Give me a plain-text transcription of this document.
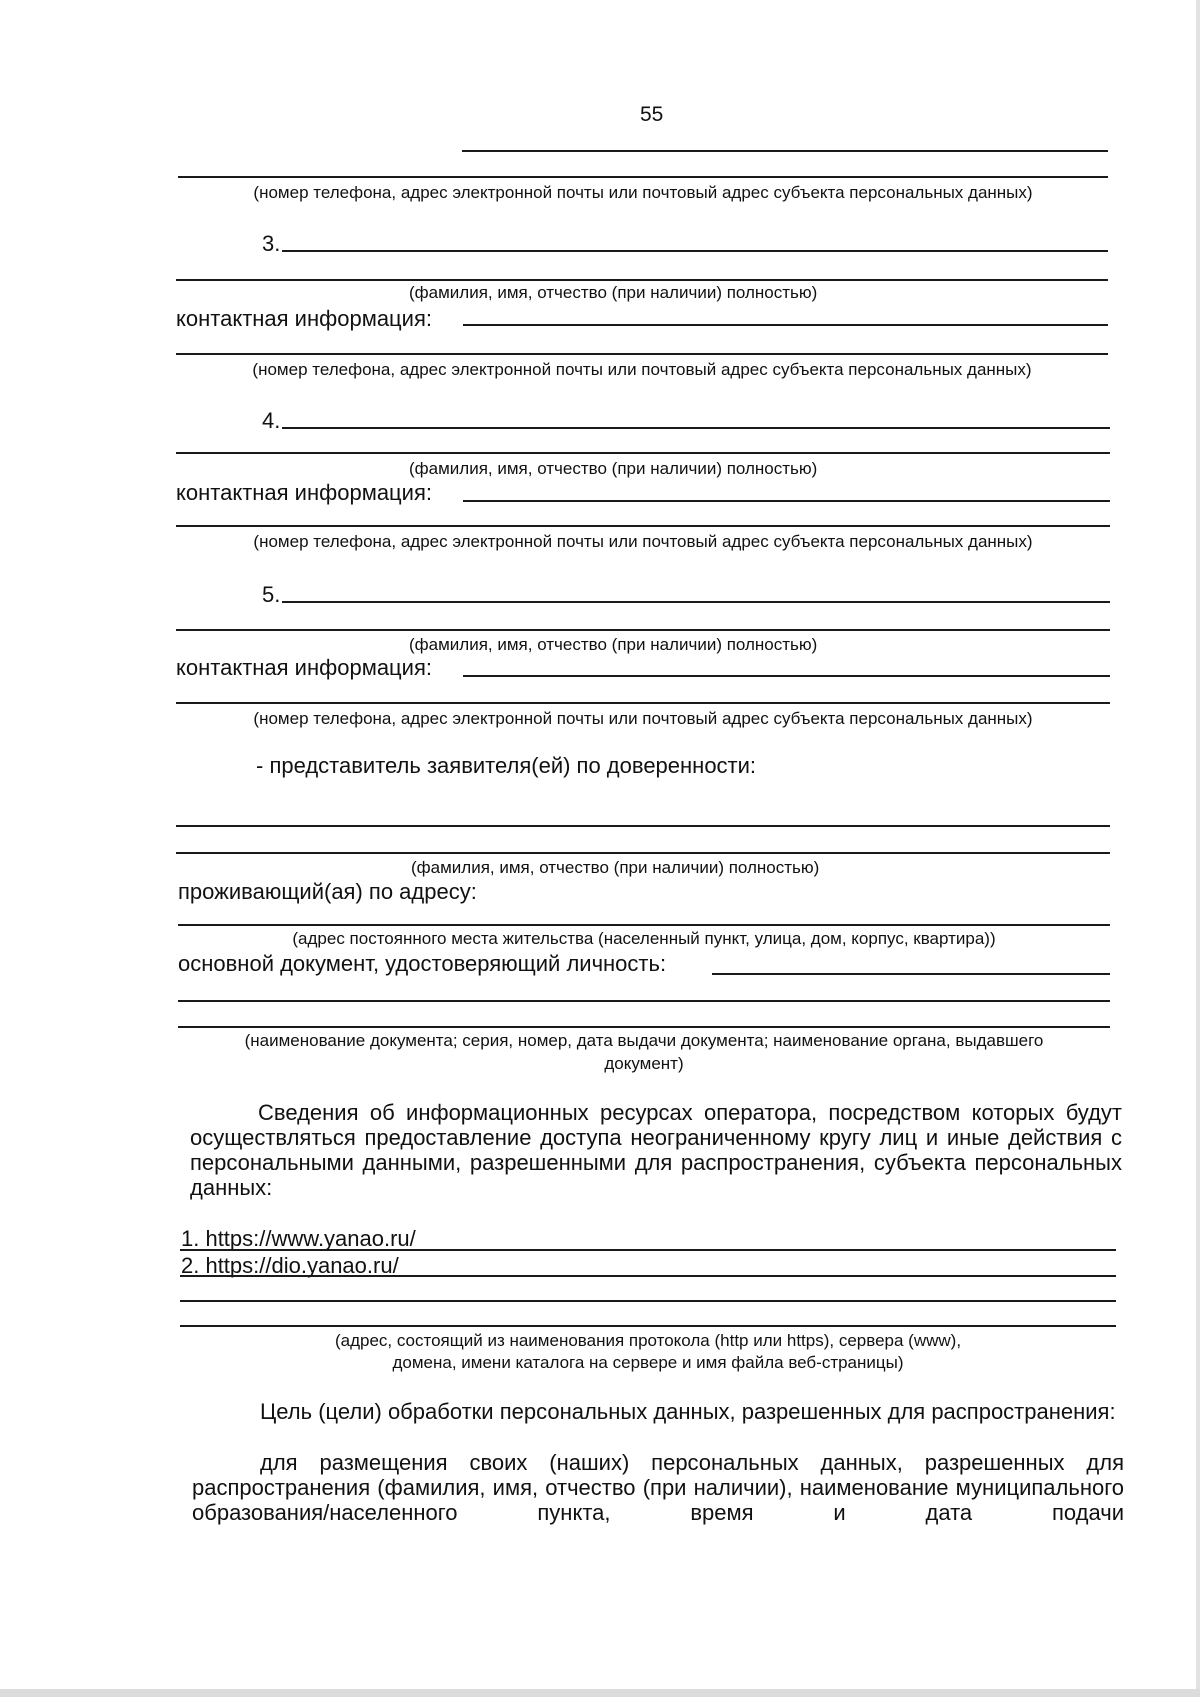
55
(номер телефона, адрес электронной почты или почтовый адрес субъекта персональных данных)
3.
(фамилия, имя, отчество (при наличии) полностью)
контактная информация:
(номер телефона, адрес электронной почты или почтовый адрес субъекта персональных данных)
4.
(фамилия, имя, отчество (при наличии) полностью)
контактная информация:
(номер телефона, адрес электронной почты или почтовый адрес субъекта персональных данных)
5.
(фамилия, имя, отчество (при наличии) полностью)
контактная информация:
(номер телефона, адрес электронной почты или почтовый адрес субъекта персональных данных)
- представитель заявителя(ей) по доверенности:
(фамилия, имя, отчество (при наличии) полностью)
проживающий(ая) по адресу:
(адрес постоянного места жительства (населенный пункт, улица, дом, корпус, квартира))
основной документ, удостоверяющий личность:
(наименование документа; серия, номер, дата выдачи документа; наименование органа, выдавшего
документ)
Сведения об информационных ресурсах оператора, посредством которых будут осуществляться предоставление доступа неограниченному кругу лиц и иные действия с персональными данными, разрешенными для распространения, субъекта персональных данных:
1. https://www.yanao.ru/
2. https://dio.yanao.ru/
(адрес, состоящий из наименования протокола (http или https), сервера (www),
домена, имени каталога на сервере и имя файла веб-страницы)
Цель (цели) обработки персональных данных, разрешенных для распространения:
для размещения своих (наших) персональных данных, разрешенных для распространения (фамилия, имя, отчество (при наличии), наименование муниципального образования/населенного пункта, время и дата подачи
